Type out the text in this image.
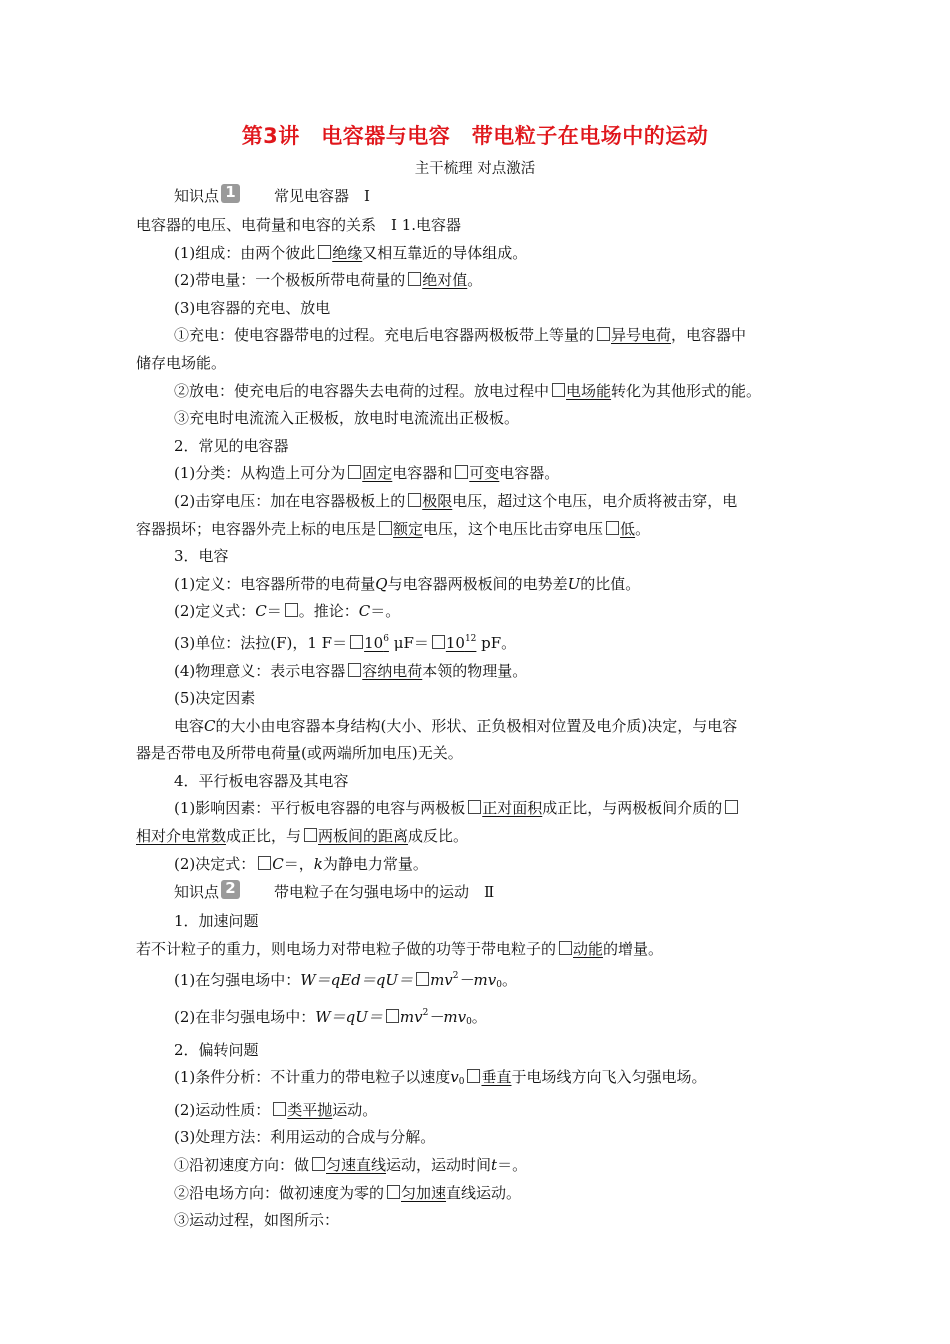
第3讲　电容器与电容　带电粒子在电场中的运动
主干梳理 对点激活
知识点 1	常见电容器　Ⅰ
电容器的电压、电荷量和电容的关系　Ⅰ 1.电容器
(1)组成：由两个彼此 绝缘又相互靠近的导体组成。
(2)带电量：一个极板所带电荷量的 绝对值。
(3)电容器的充电、放电
①充电：使电容器带电的过程。充电后电容器两极板带上等量的 异号电荷，电容器中
储存电场能。
②放电：使充电后的电容器失去电荷的过程。放电过程中 电场能转化为其他形式的能。
③充电时电流流入正极板，放电时电流流出正极板。
2．常见的电容器
(1)分类：从构造上可分为 固定电容器和 可变电容器。
(2)击穿电压：加在电容器极板上的 极限电压，超过这个电压，电介质将被击穿，电
容器损坏；电容器外壳上标的电压是 额定电压，这个电压比击穿电压 低。
3．电容
(1)定义：电容器所带的电荷量Q与电容器两极板间的电势差U的比值。
(2)定义式：C＝ 。推论：C＝。
(3)单位：法拉(F)，1 $F= 10^6$ $\mu F= 10^{12}$ pF。
(4)物理意义：表示电容器 容纳电荷本领的物理量。
(5)决定因素
电容C的大小由电容器本身结构(大小、形状、正负极相对位置及电介质)决定，与电容
器是否带电及所带电荷量(或两端所加电压)无关。
4．平行板电容器及其电容
(1)影响因素：平行板电容器的电容与两极板 正对面积成正比，与两极板间介质的
相对介电常数成正比，与 两板间的距离成反比。
(2)决定式： C＝，k为静电力常量。
知识点 2	带电粒子在匀强电场中的运动　Ⅱ
1．加速问题
若不计粒子的重力，则电场力对带电粒子做的功等于带电粒子的 动能的增量。
(1)在匀强电场中：$W=qEd=qU= mv^2-mv_0$。
(2)在非匀强电场中：$W=qU= mv^2-mv_0$。
2．偏转问题
(1)条件分析：不计重力的带电粒子以速度$v_0$ 垂直于电场线方向飞入匀强电场。
(2)运动性质： 类平抛运动。
(3)处理方法：利用运动的合成与分解。
①沿初速度方向：做 匀速直线运动，运动时间t＝。
②沿电场方向：做初速度为零的 匀加速直线运动。
③运动过程，如图所示：
